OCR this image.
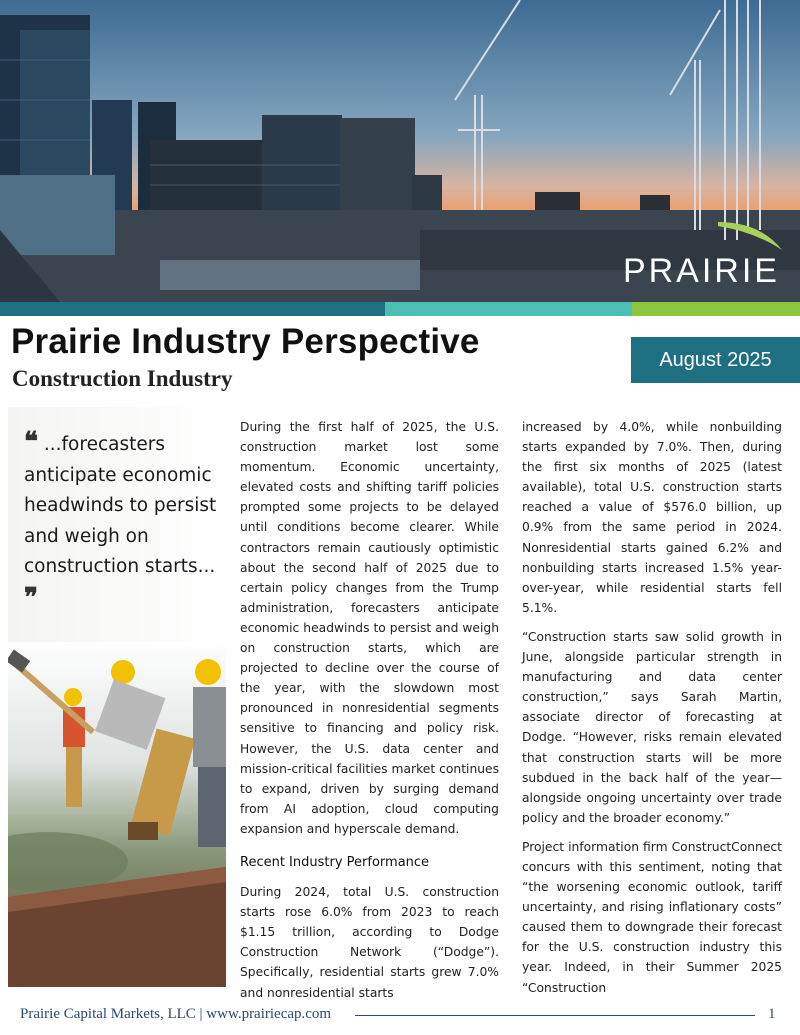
PRAIRIE
Prairie Industry Perspective
Construction Industry
August 2025
❝ ...forecasters anticipate economic headwinds to persist and weigh on construction starts... ❞

During the first half of 2025, the U.S. construction market lost some momentum. Economic uncertainty, elevated costs and shifting tariff policies prompted some projects to be delayed until conditions become clearer. While contractors remain cautiously optimistic about the second half of 2025 due to certain policy changes from the Trump administration, forecasters anticipate economic headwinds to persist and weigh on construction starts, which are projected to decline over the course of the year, with the slowdown most pronounced in nonresidential segments sensitive to financing and policy risk. However, the U.S. data center and mission-critical facilities market continues to expand, driven by surging demand from AI adoption, cloud computing expansion and hyperscale demand.

Recent Industry Performance

During 2024, total U.S. construction starts rose 6.0% from 2023 to reach $1.15 trillion, according to Dodge Construction Network (“Dodge”). Specifically, residential starts grew 7.0% and nonresidential starts

increased by 4.0%, while nonbuilding starts expanded by 7.0%. Then, during the first six months of 2025 (latest available), total U.S. construction starts reached a value of $576.0 billion, up 0.9% from the same period in 2024. Nonresidential starts gained 6.2% and nonbuilding starts increased 1.5% year-over-year, while residential starts fell 5.1%.

“Construction starts saw solid growth in June, alongside particular strength in manufacturing and data center construction,” says Sarah Martin, associate director of forecasting at Dodge. “However, risks remain elevated that construction starts will be more subdued in the back half of the year—alongside ongoing uncertainty over trade policy and the broader economy.”

Project information firm ConstructConnect concurs with this sentiment, noting that “the worsening economic outlook, tariff uncertainty, and rising inflationary costs” caused them to downgrade their forecast for the U.S. construction industry this year. Indeed, in their Summer 2025 “Construction

Prairie Capital Markets, LLC | www.prairiecap.com	1
